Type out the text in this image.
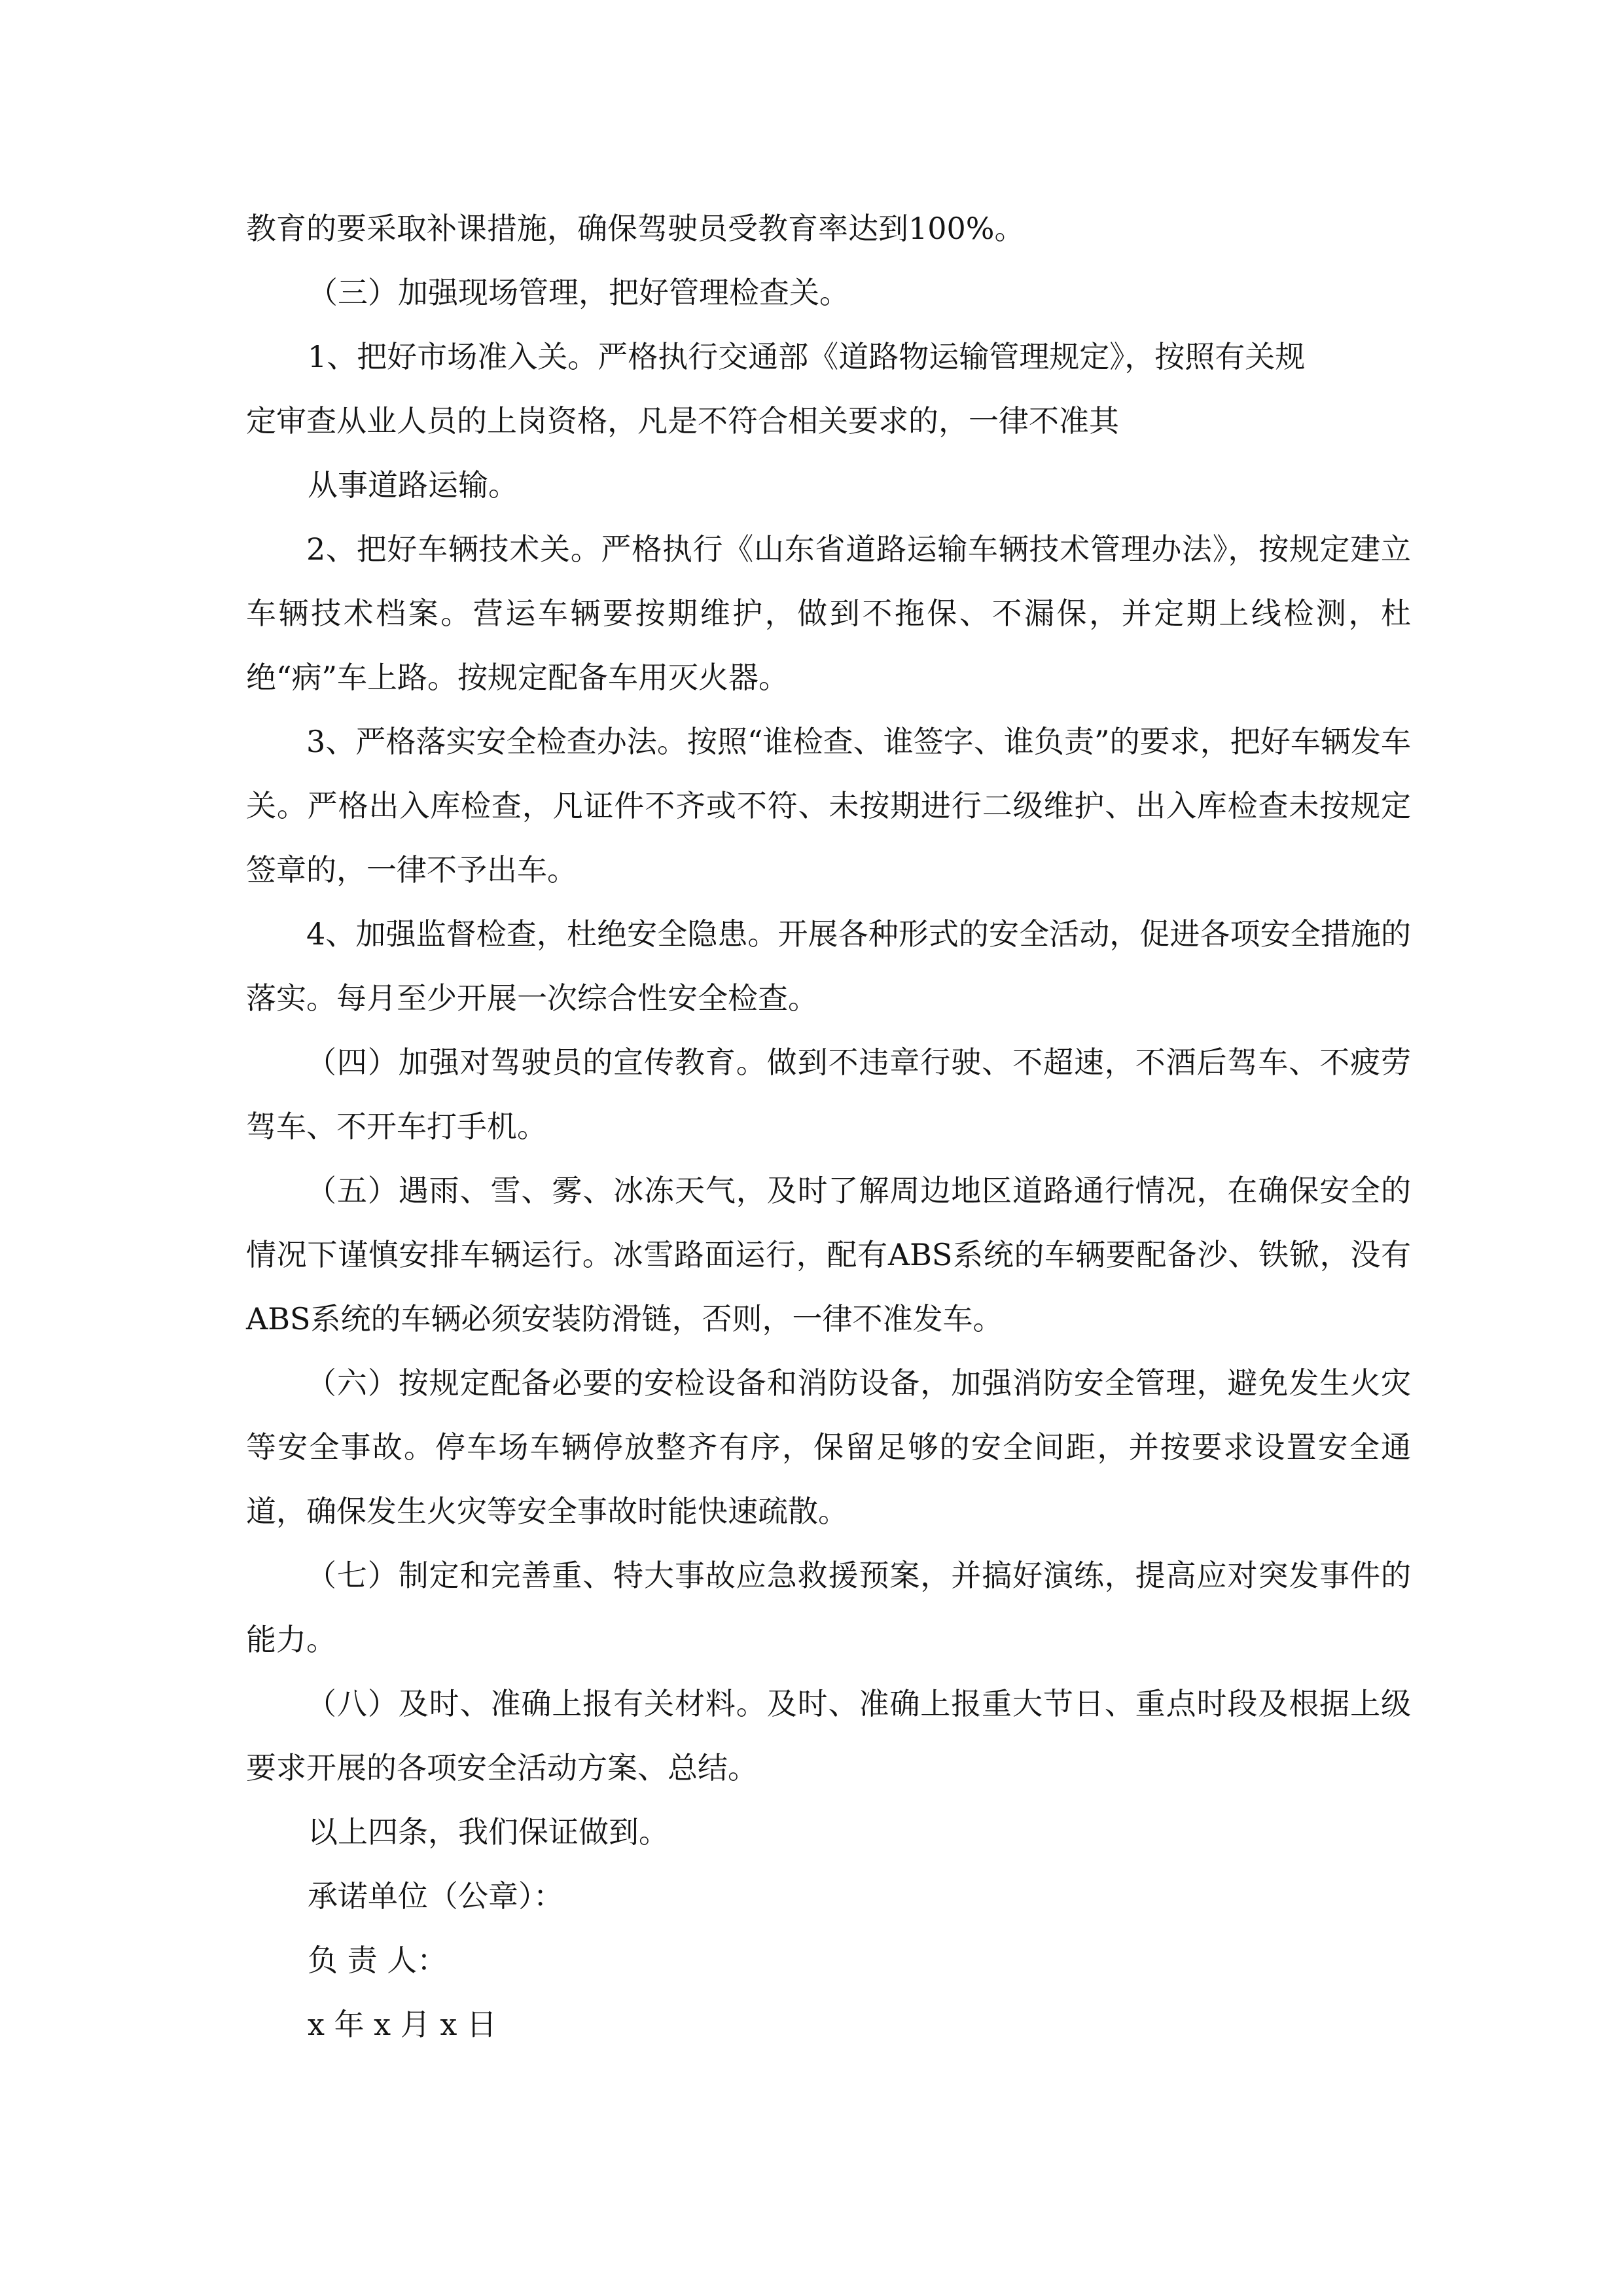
教育的要采取补课措施，确保驾驶员受教育率达到100%。

（三）加强现场管理，把好管理检查关。

1、把好市场准入关。严格执行交通部《道路物运输管理规定》，按照有关规

定审查从业人员的上岗资格，凡是不符合相关要求的，一律不准其

从事道路运输。

2、把好车辆技术关。严格执行《山东省道路运输车辆技术管理办法》，按规定建立车辆技术档案。营运车辆要按期维护，做到不拖保、不漏保，并定期上线检测，杜绝“病”车上路。按规定配备车用灭火器。

3、严格落实安全检查办法。按照“谁检查、谁签字、谁负责”的要求，把好车辆发车关。严格出入库检查，凡证件不齐或不符、未按期进行二级维护、出入库检查未按规定签章的，一律不予出车。

4、加强监督检查，杜绝安全隐患。开展各种形式的安全活动，促进各项安全措施的落实。每月至少开展一次综合性安全检查。

（四）加强对驾驶员的宣传教育。做到不违章行驶、不超速，不酒后驾车、不疲劳驾车、不开车打手机。

（五）遇雨、雪、雾、冰冻天气，及时了解周边地区道路通行情况，在确保安全的情况下谨慎安排车辆运行。冰雪路面运行，配有ABS系统的车辆要配备沙、铁锨，没有ABS系统的车辆必须安装防滑链，否则，一律不准发车。

（六）按规定配备必要的安检设备和消防设备，加强消防安全管理，避免发生火灾等安全事故。停车场车辆停放整齐有序，保留足够的安全间距，并按要求设置安全通道，确保发生火灾等安全事故时能快速疏散。

（七）制定和完善重、特大事故应急救援预案，并搞好演练，提高应对突发事件的能力。

（八）及时、准确上报有关材料。及时、准确上报重大节日、重点时段及根据上级要求开展的各项安全活动方案、总结。

以上四条，我们保证做到。

承诺单位（公章）：

负 责 人：

x 年 x 月 x 日
